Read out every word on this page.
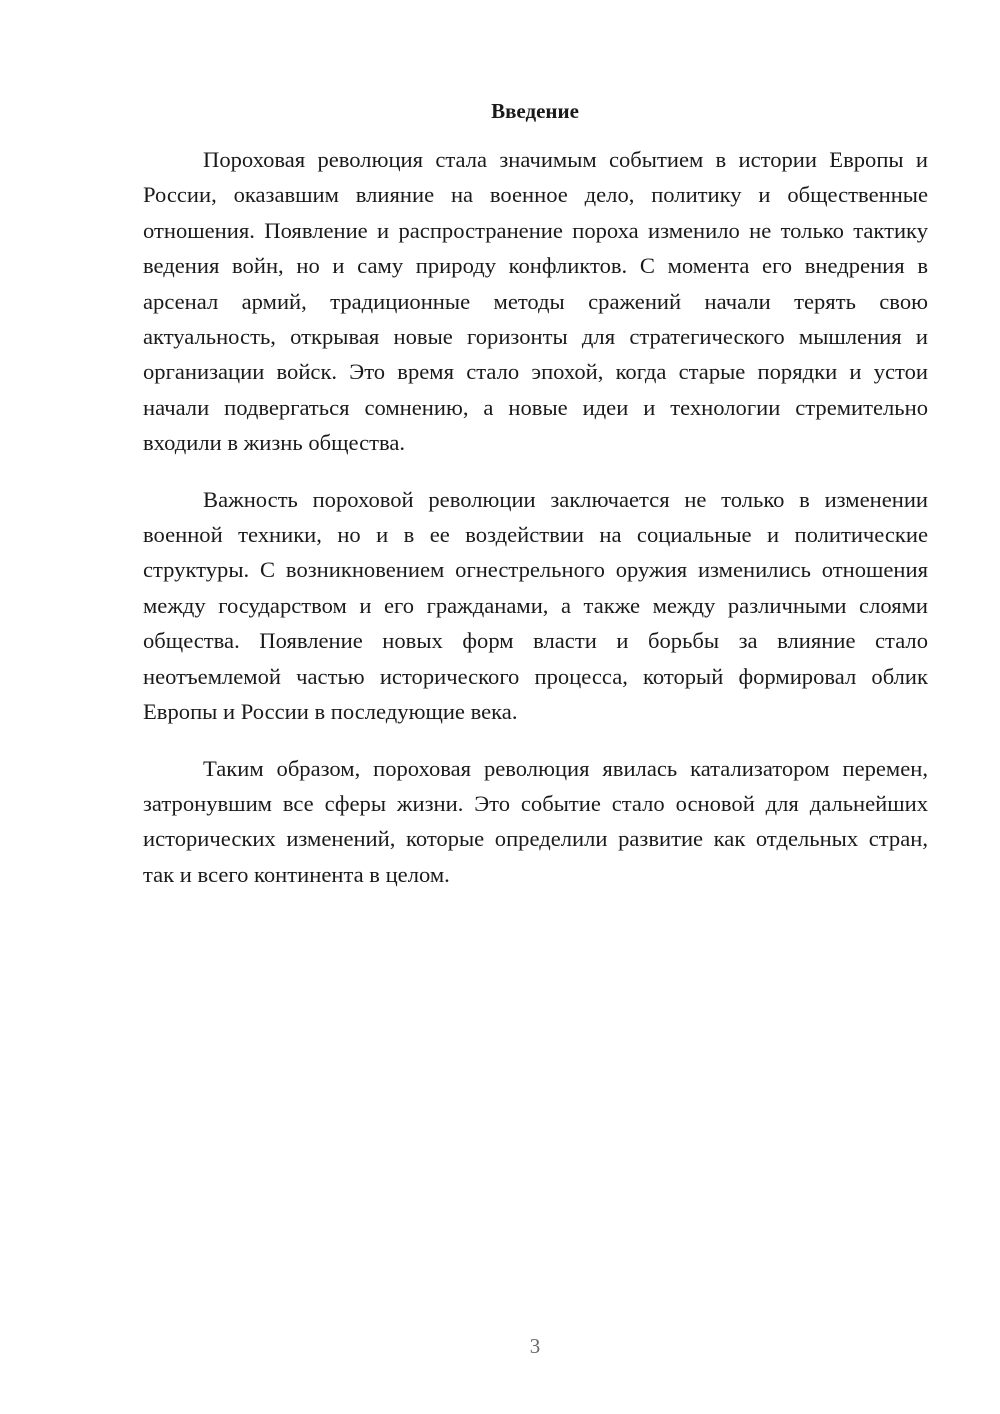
Введение

Пороховая революция стала значимым событием в истории Европы и России, оказавшим влияние на военное дело, политику и общественные отношения. Появление и распространение пороха изменило не только тактику ведения войн, но и саму природу конфликтов. С момента его внедрения в арсенал армий, традиционные методы сражений начали терять свою актуальность, открывая новые горизонты для стратегического мышления и организации войск. Это время стало эпохой, когда старые порядки и устои начали подвергаться сомнению, а новые идеи и технологии стремительно входили в жизнь общества.

Важность пороховой революции заключается не только в изменении военной техники, но и в ее воздействии на социальные и политические структуры. С возникновением огнестрельного оружия изменились отношения между государством и его гражданами, а также между различными слоями общества. Появление новых форм власти и борьбы за влияние стало неотъемлемой частью исторического процесса, который формировал облик Европы и России в последующие века.

Таким образом, пороховая революция явилась катализатором перемен, затронувшим все сферы жизни. Это событие стало основой для дальнейших исторических изменений, которые определили развитие как отдельных стран, так и всего континента в целом.

3
